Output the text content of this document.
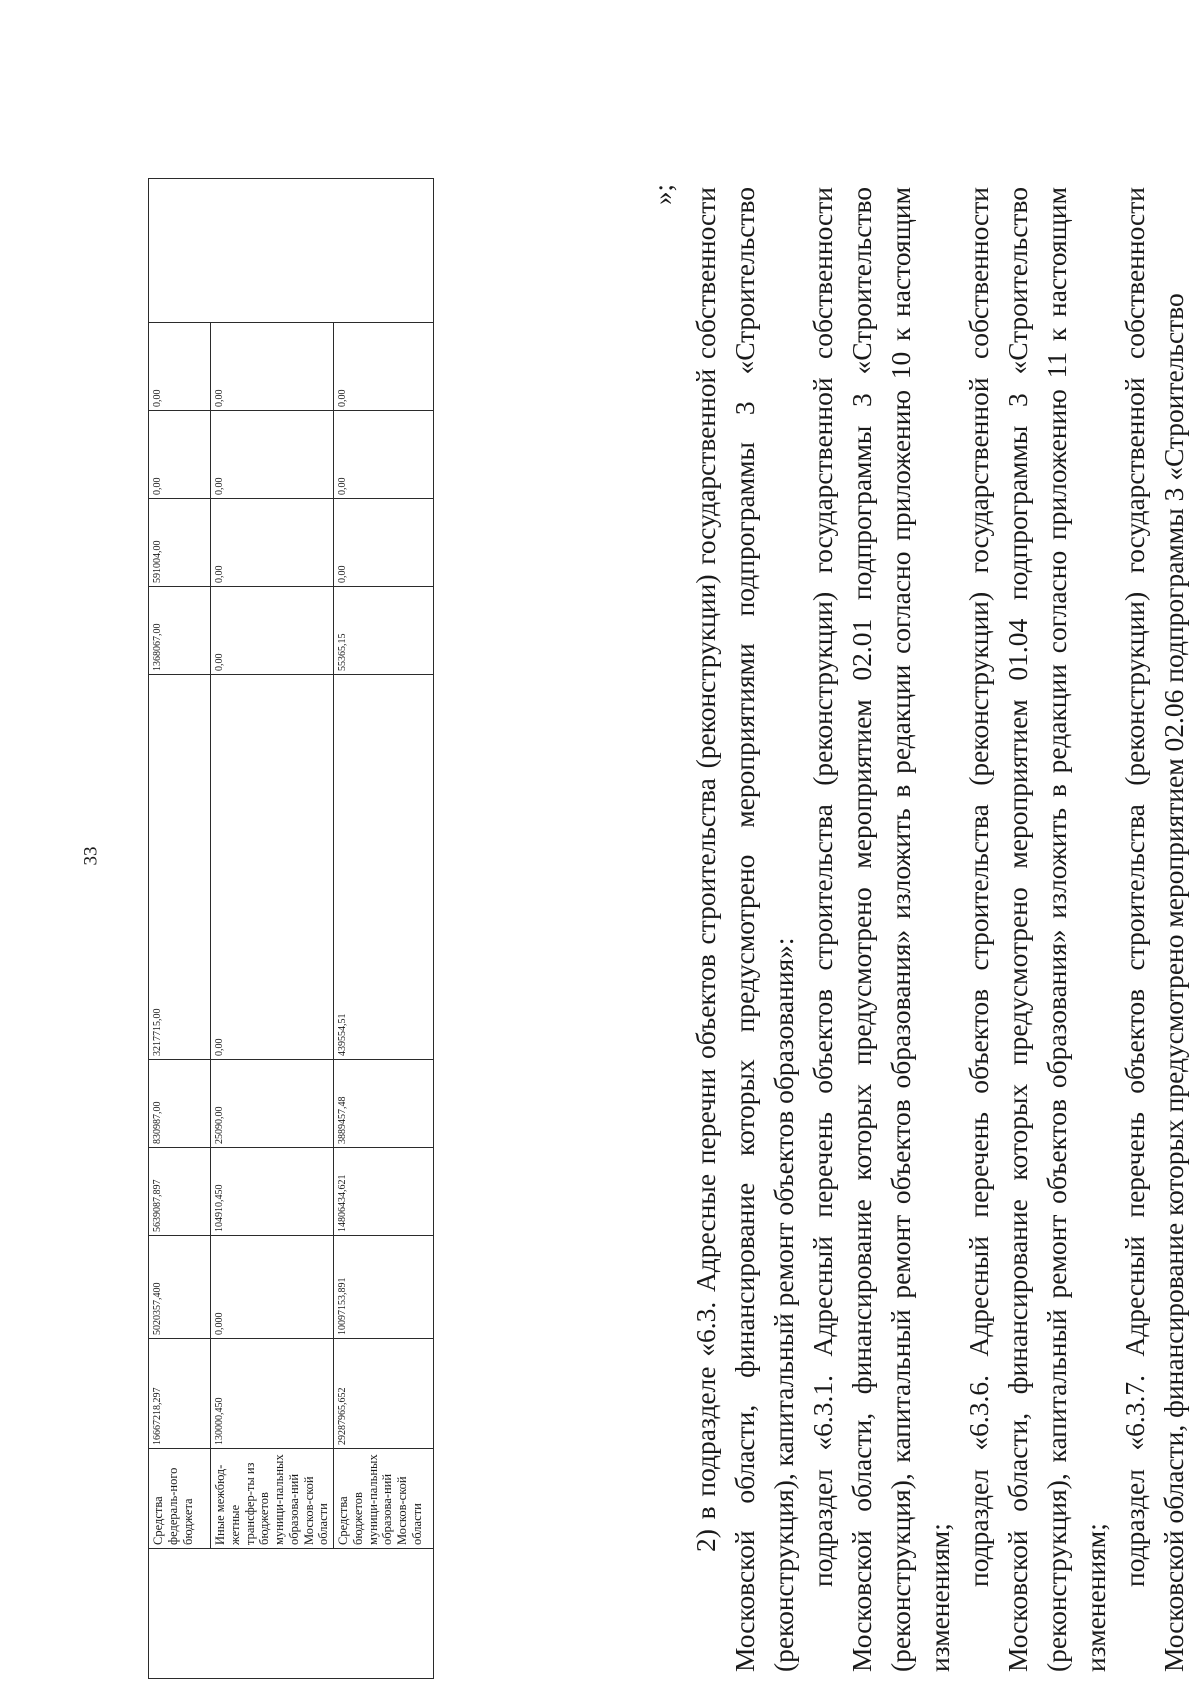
33
	Средства федераль-ного бюджета	16667218,297	5020357,400	5639087,897	830987,00	3217715,00	1368067,00	591004,00	0,00	0,00	
	Иные межбюд-жетные трансфер-ты из бюджетов муници-пальных образова-ний Москов-ской области	130000,450	0,000	104910,450	25090,00	0,00	0,00	0,00	0,00	0,00	
	Средства бюджетов муници-пальных образова-ний Москов-ской области	29287965,652	10097153,891	14806434,621	3889457,48	439554,51	55365,15	0,00	0,00	0,00	
»; 2) в подразделе «6.3. Адресные перечни объектов строительства (реконструкции) государственной собственности Московской области, финансирование которых предусмотрено мероприятиями подпрограммы 3 «Строительство (реконструкция), капитальный ремонт объектов образования»: подраздел «6.3.1. Адресный перечень объектов строительства (реконструкции) государственной собственности Московской области, финансирование которых предусмотрено мероприятием 02.01 подпрограммы 3 «Строительство (реконструкция), капитальный ремонт объектов образования» изложить в редакции согласно приложению 10 к настоящим изменениям;

подраздел «6.3.6. Адресный перечень объектов строительства (реконструкции) государственной собственности Московской области, финансирование которых предусмотрено мероприятием 01.04 подпрограммы 3 «Строительство (реконструкция), капитальный ремонт объектов образования» изложить в редакции согласно приложению 11 к настоящим изменениям;

подраздел «6.3.7. Адресный перечень объектов строительства (реконструкции) государственной собственности Московской области, финансирование которых предусмотрено мероприятием 02.06 подпрограммы 3 «Строительство
